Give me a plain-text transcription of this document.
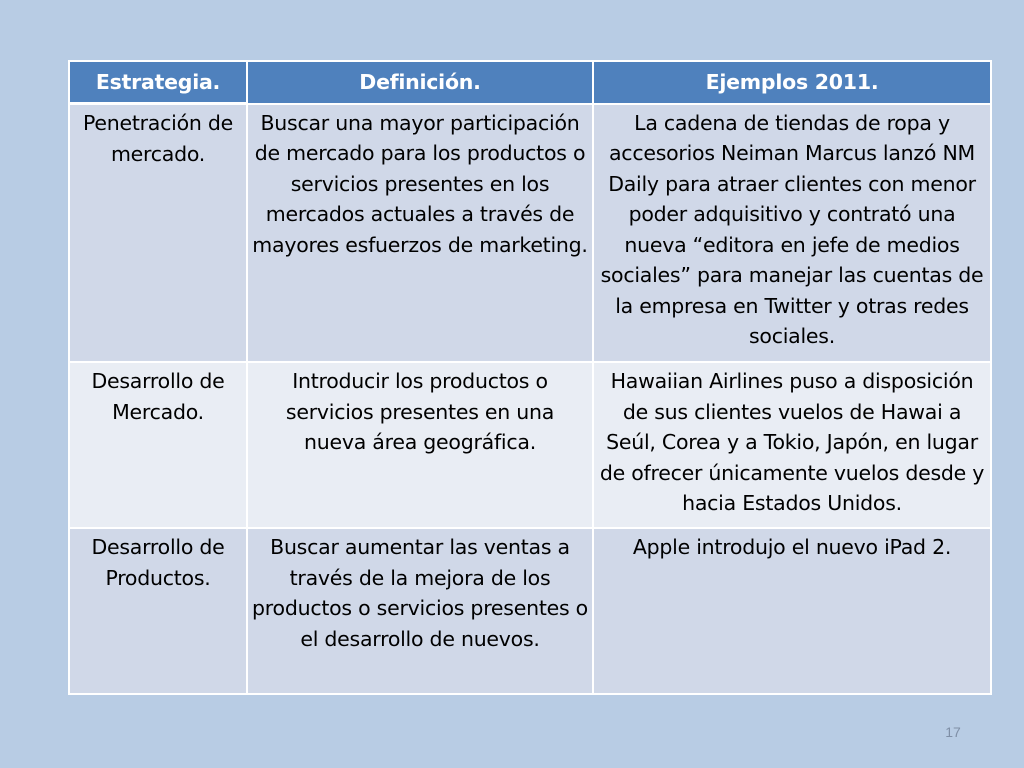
Estrategia.	Definición.	Ejemplos 2011.
Penetración de mercado.	Buscar una mayor participación de mercado para los productos o servicios presentes en los mercados actuales a través de mayores esfuerzos de marketing.	La cadena de tiendas de ropa y accesorios Neiman Marcus lanzó NM Daily para atraer clientes con menor poder adquisitivo y contrató una nueva “editora en jefe de medios sociales” para manejar las cuentas de la empresa en Twitter y otras redes sociales.
Desarrollo de Mercado.	Introducir los productos o servicios presentes en una nueva área geográfica.	Hawaiian Airlines puso a disposición de sus clientes vuelos de Hawai a Seúl, Corea y a Tokio, Japón, en lugar de ofrecer únicamente vuelos desde y hacia Estados Unidos.
Desarrollo de Productos.	Buscar aumentar las ventas a través de la mejora de los productos o servicios presentes o el desarrollo de nuevos.	Apple introdujo el nuevo iPad 2.
17
